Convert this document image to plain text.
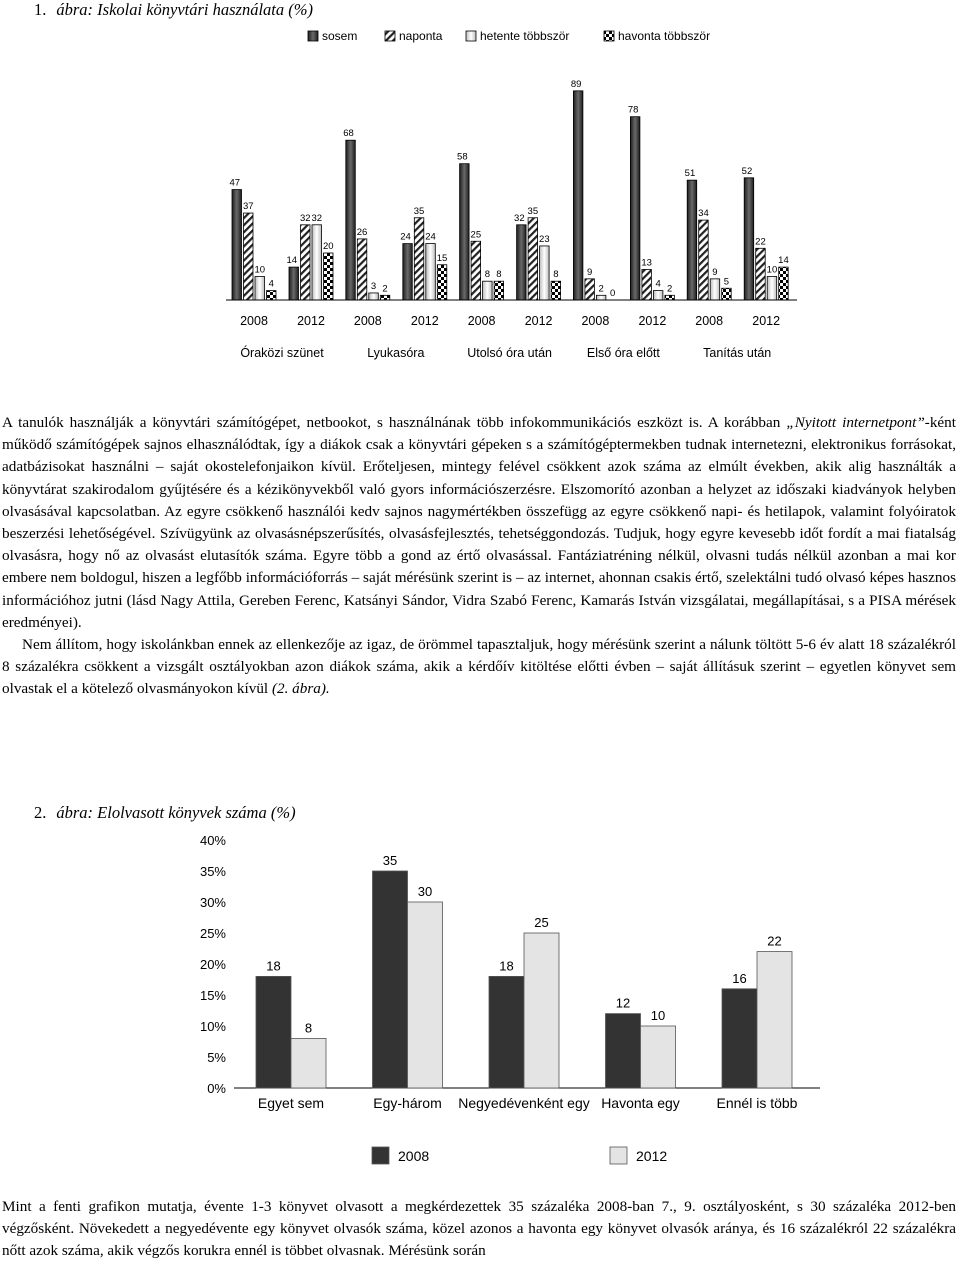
1. ábra: Iskolai könyvtári használata (%)
sosem	naponta	hetente többször	havonta többször
47
37
10
4
2008
14
32 32
20
2012
Óraközi szünet
68
26
3 2
2008
24
35
24
15
2012
Lyukasóra
58
25
8 8
2008
32
35
23
8
2012
Utolsó óra után
89
9
2 0
2008
78
13
4 2
2012
Első óra előtt
51
34
9
5
2008
52
22
10
14
2012
Tanítás után

A tanulók használják a könyvtári számítógépet, netbookot, s használnának több infokommunikációs eszközt is. A korábban „Nyitott internetpont”-ként működő számítógépek sajnos elhasználódtak, így a diákok csak a könyvtári gépeken s a számítógéptermekben tudnak internetezni, elektronikus forrásokat, adatbázisokat használni – saját okostelefonjaikon kívül. Erőteljesen, mintegy felével csökkent azok száma az elmúlt években, akik alig használták a könyvtárat szakirodalom gyűjtésére és a kézikönyvekből való gyors információszerzésre. Elszomorító azonban a helyzet az időszaki kiadványok helyben olvasásával kapcsolatban. Az egyre csökkenő használói kedv sajnos nagymértékben összefügg az egyre csökkenő napi- és hetilapok, valamint folyóiratok beszerzési lehetőségével. Szívügyünk az olvasásnépszerűsítés, olvasásfejlesztés, tehetséggondozás. Tudjuk, hogy egyre kevesebb időt fordít a mai fiatalság olvasásra, hogy nő az olvasást elutasítók száma. Egyre több a gond az értő olvasással. Fantáziatréning nélkül, olvasni tudás nélkül azonban a mai kor embere nem boldogul, hiszen a legfőbb információforrás – saját mérésünk szerint is – az internet, ahonnan csakis értő, szelektálni tudó olvasó képes hasznos információhoz jutni (lásd Nagy Attila, Gereben Ferenc, Katsányi Sándor, Vidra Szabó Ferenc, Kamarás István vizsgálatai, megállapításai, s a PISA mérések eredményei).

Nem állítom, hogy iskolánkban ennek az ellenkezője az igaz, de örömmel tapasztaljuk, hogy mérésünk szerint a nálunk töltött 5-6 év alatt 18 százalékról 8 százalékra csökkent a vizsgált osztályokban azon diákok száma, akik a kérdőív kitöltése előtti évben – saját állításuk szerint – egyetlen könyvet sem olvastak el a kötelező olvasmányokon kívül (2. ábra).

2. ábra: Elolvasott könyvek száma (%)
0%
5%
10%
15%
20%
25%
30%
35%
40%
18
8
Egyet sem
35
30
Egy-három
18
25
Negyedévenként egy
12
10
Havonta egy
16
22
Ennél is több
2008	2012

Mint a fenti grafikon mutatja, évente 1-3 könyvet olvasott a megkérdezettek 35 százaléka 2008-ban 7., 9. osztályosként, s 30 százaléka 2012-ben végzősként. Növekedett a negyedévente egy könyvet olvasók száma, közel azonos a havonta egy könyvet olvasók aránya, és 16 százalékról 22 százalékra nőtt azok száma, akik végzős korukra ennél is többet olvasnak. Mérésünk során
